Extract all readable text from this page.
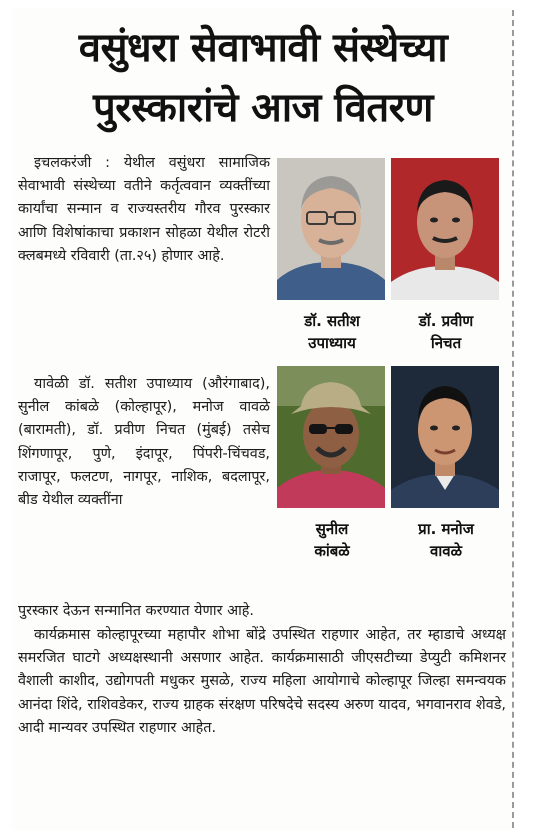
वसुंधरा सेवाभावी संस्थेच्या
पुरस्कारांचे आज वितरण

इचलकरंजी : येथील वसुंधरा सामाजिक सेवाभावी संस्थेच्या वतीने कर्तृत्ववान व्यक्तींच्या कार्यांचा सन्मान व राज्यस्तरीय गौरव पुरस्कार आणि विशेषांकाचा प्रकाशन सोहळा येथील रोटरी क्लबमध्ये रविवारी (ता.२५) होणार आहे.

यावेळी डॉ. सतीश उपाध्याय (औरंगाबाद), सुनील कांबळे (कोल्हापूर), मनोज वावळे (बारामती), डॉ. प्रवीण निचत (मुंबई) तसेच शिंगणापूर, पुणे, इंदापूर, पिंपरी-चिंचवड, राजापूर, फलटण, नागपूर, नाशिक, बदलापूर, बीड येथील व्यक्तींना

पुरस्कार देऊन सन्मानित करण्यात येणार आहे.

कार्यक्रमास कोल्हापूरच्या महापौर शोभा बोंद्रे उपस्थित राहणार आहेत, तर म्हाडाचे अध्यक्ष समरजित घाटगे अध्यक्षस्थानी असणार आहेत. कार्यक्रमासाठी जीएसटीच्या डेप्युटी कमिशनर वैशाली काशीद, उद्योगपती मधुकर मुसळे, राज्य महिला आयोगाचे कोल्हापूर जिल्हा समन्वयक आनंदा शिंदे, राशिवडेकर, राज्य ग्राहक संरक्षण परिषदेचे सदस्य अरुण यादव, भगवानराव शेवडे, आदी मान्यवर उपस्थित राहणार आहेत.

डॉ. सतीश
उपाध्याय
डॉ. प्रवीण
निचत
सुनील
कांबळे
प्रा. मनोज
वावळे
